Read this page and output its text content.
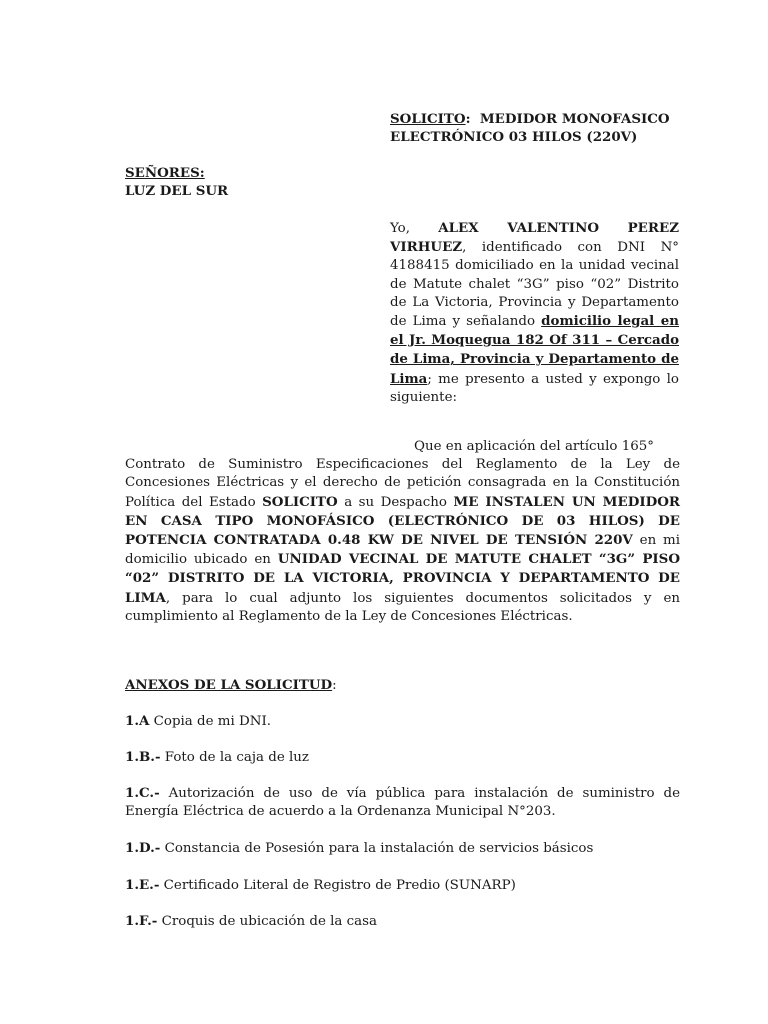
SOLICITO:  MEDIDOR MONOFASICO
ELECTRÓNICO 03 HILOS (220V)
SEÑORES:
LUZ DEL SUR
Yo, ALEX VALENTINO PEREZ VIRHUEZ, identificado con DNI N° 4188415 domiciliado en la unidad vecinal de Matute chalet “3G” piso “02” Distrito de La Victoria, Provincia y Departamento de Lima y señalando domicilio legal en el Jr. Moquegua 182 Of 311 – Cercado de Lima, Provincia y Departamento de Lima; me presento a usted y expongo lo siguiente:
Que en aplicación del artículo 165°
Contrato de Suministro Especificaciones del Reglamento de la Ley de Concesiones Eléctricas y el derecho de petición consagrada en la Constitución Política del Estado SOLICITO a su Despacho ME INSTALEN UN MEDIDOR EN CASA TIPO MONOFÁSICO (ELECTRÓNICO DE 03 HILOS) DE POTENCIA CONTRATADA 0.48 KW DE NIVEL DE TENSIÓN 220V en mi domicilio ubicado en UNIDAD VECINAL DE MATUTE CHALET “3G” PISO “02” DISTRITO DE LA VICTORIA, PROVINCIA Y DEPARTAMENTO DE LIMA, para lo cual adjunto los siguientes documentos solicitados y en cumplimiento al Reglamento de la Ley de Concesiones Eléctricas.
ANEXOS DE LA SOLICITUD:
1.A Copia de mi DNI.
1.B.- Foto de la caja de luz
1.C.- Autorización de uso de vía pública para instalación de suministro de Energía Eléctrica de acuerdo a la Ordenanza Municipal N°203.
1.D.- Constancia de Posesión para la instalación de servicios básicos
1.E.- Certificado Literal de Registro de Predio (SUNARP)
1.F.- Croquis de ubicación de la casa
